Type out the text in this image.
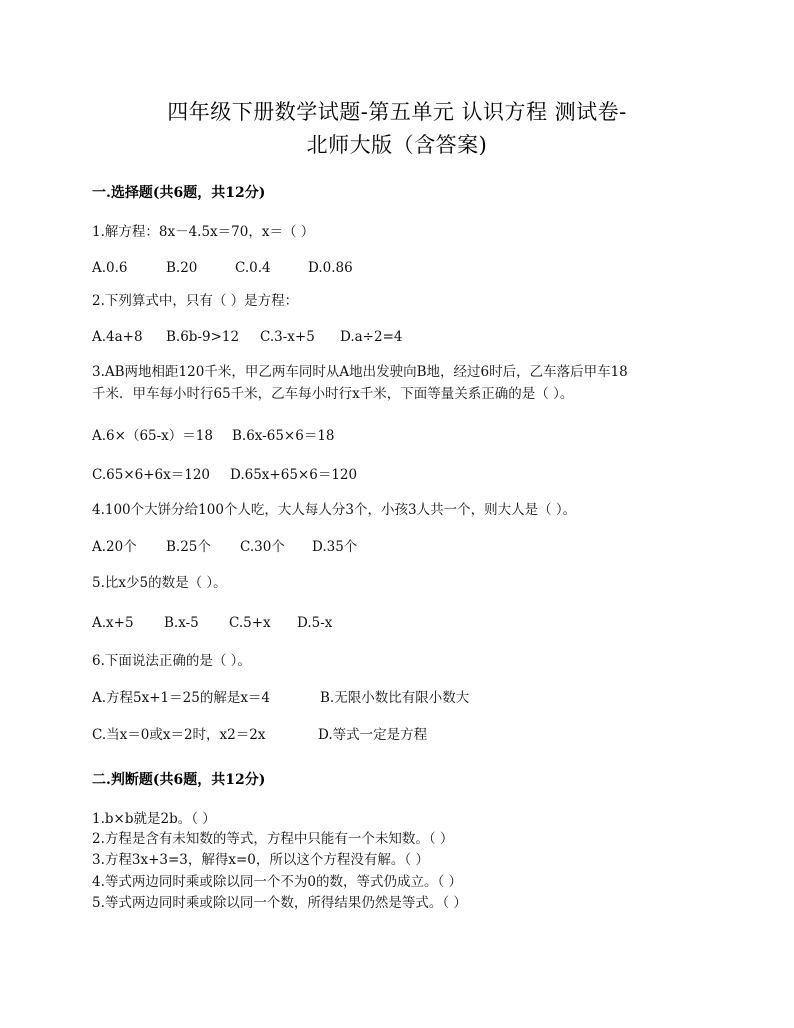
四年级下册数学试题-第五单元 认识方程 测试卷-
北师大版（含答案)
一.选择题(共6题，共12分)
1.解方程：8x－4.5x＝70，x＝（ ）
A.0.6	B.20	C.0.4	D.0.86
2.下列算式中，只有（ ）是方程：
A.4a+8 B.6b-9>12 C.3-x+5 D.a÷2=4
3.AB两地相距120千米，甲乙两车同时从A地出发驶向B地，经过6时后，乙车落后甲车18
千米．甲车每小时行65千米，乙车每小时行x千米，下面等量关系正确的是（ ）。
A.6×（65-x）＝18 B.6x-65×6＝18
C.65×6+6x＝120 D.65x+65×6＝120
4.100个大饼分给100个人吃，大人每人分3个，小孩3人共一个，则大人是（ ）。
A.20个 B.25个 C.30个 D.35个
5.比x少5的数是（ ）。
A.x+5 B.x-5 C.5+x D.5-x
6.下面说法正确的是（ ）。
A.方程5x+1＝25的解是x＝4	B.无限小数比有限小数大
C.当x＝0或x＝2时，x2＝2x	D.等式一定是方程
二.判断题(共6题，共12分)
1.b×b就是2b。（ ）
2.方程是含有未知数的等式，方程中只能有一个未知数。（ ）
3.方程3x+3=3，解得x=0，所以这个方程没有解。（ ）
4.等式两边同时乘或除以同一个不为0的数，等式仍成立。（ ）
5.等式两边同时乘或除以同一个数，所得结果仍然是等式。（ ）
